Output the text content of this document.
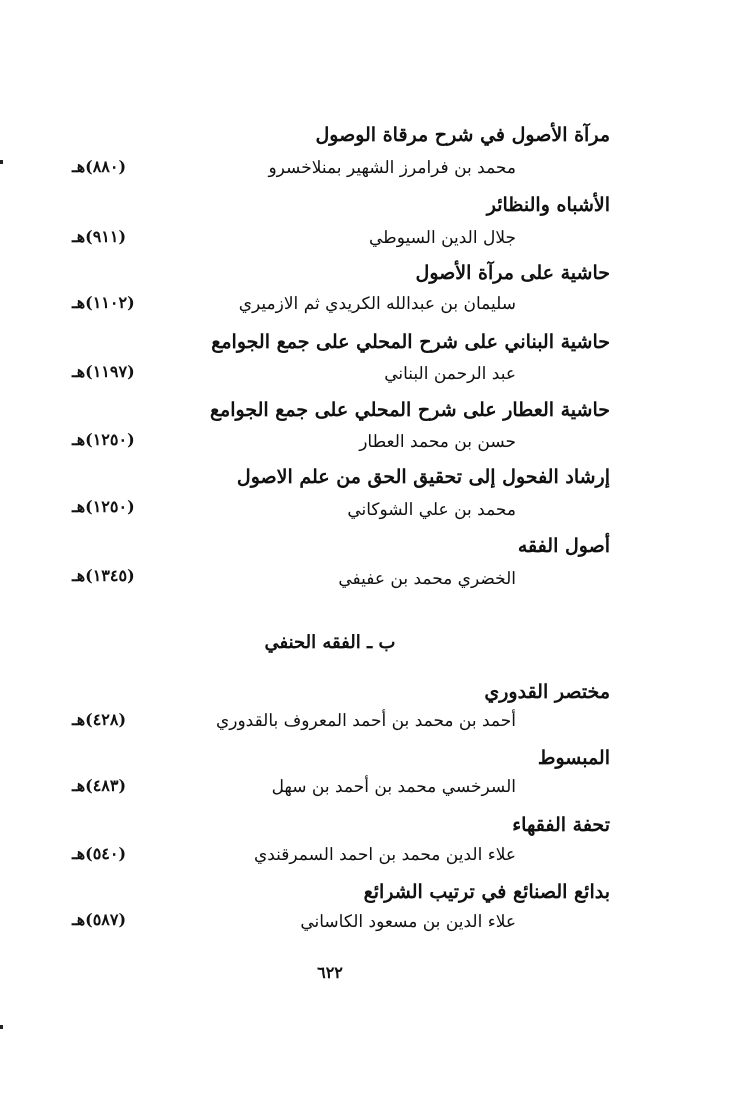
مرآة الأصول في شرح مرقاة الوصول
محمد بن فرامرز الشهير بمنلاخسرو
(٨٨٠)هـ
الأشباه والنظائر
جلال الدين السيوطي
(٩١١)هـ
حاشية على مرآة الأصول
سليمان بن عبدالله الكريدي ثم الازميري
(١١٠٢)هـ
حاشية البناني على شرح المحلي على جمع الجوامع
عبد الرحمن البناني
(١١٩٧)هـ
حاشية العطار على شرح المحلي على جمع الجوامع
حسن بن محمد العطار
(١٢٥٠)هـ
إرشاد الفحول إلى تحقيق الحق من علم الاصول
محمد بن علي الشوكاني
(١٢٥٠)هـ
أصول الفقه
الخضري محمد بن عفيفي
(١٣٤٥)هـ
ب ـ الفقه الحنفي
مختصر القدوري
أحمد بن محمد بن أحمد المعروف بالقدوري
(٤٢٨)هـ
المبسوط
السرخسي محمد بن أحمد بن سهل
(٤٨٣)هـ
تحفة الفقهاء
علاء الدين محمد بن احمد السمرقندي
(٥٤٠)هـ
بدائع الصنائع في ترتيب الشرائع
علاء الدين بن مسعود الكاساني
(٥٨٧)هـ
٦٢٢
